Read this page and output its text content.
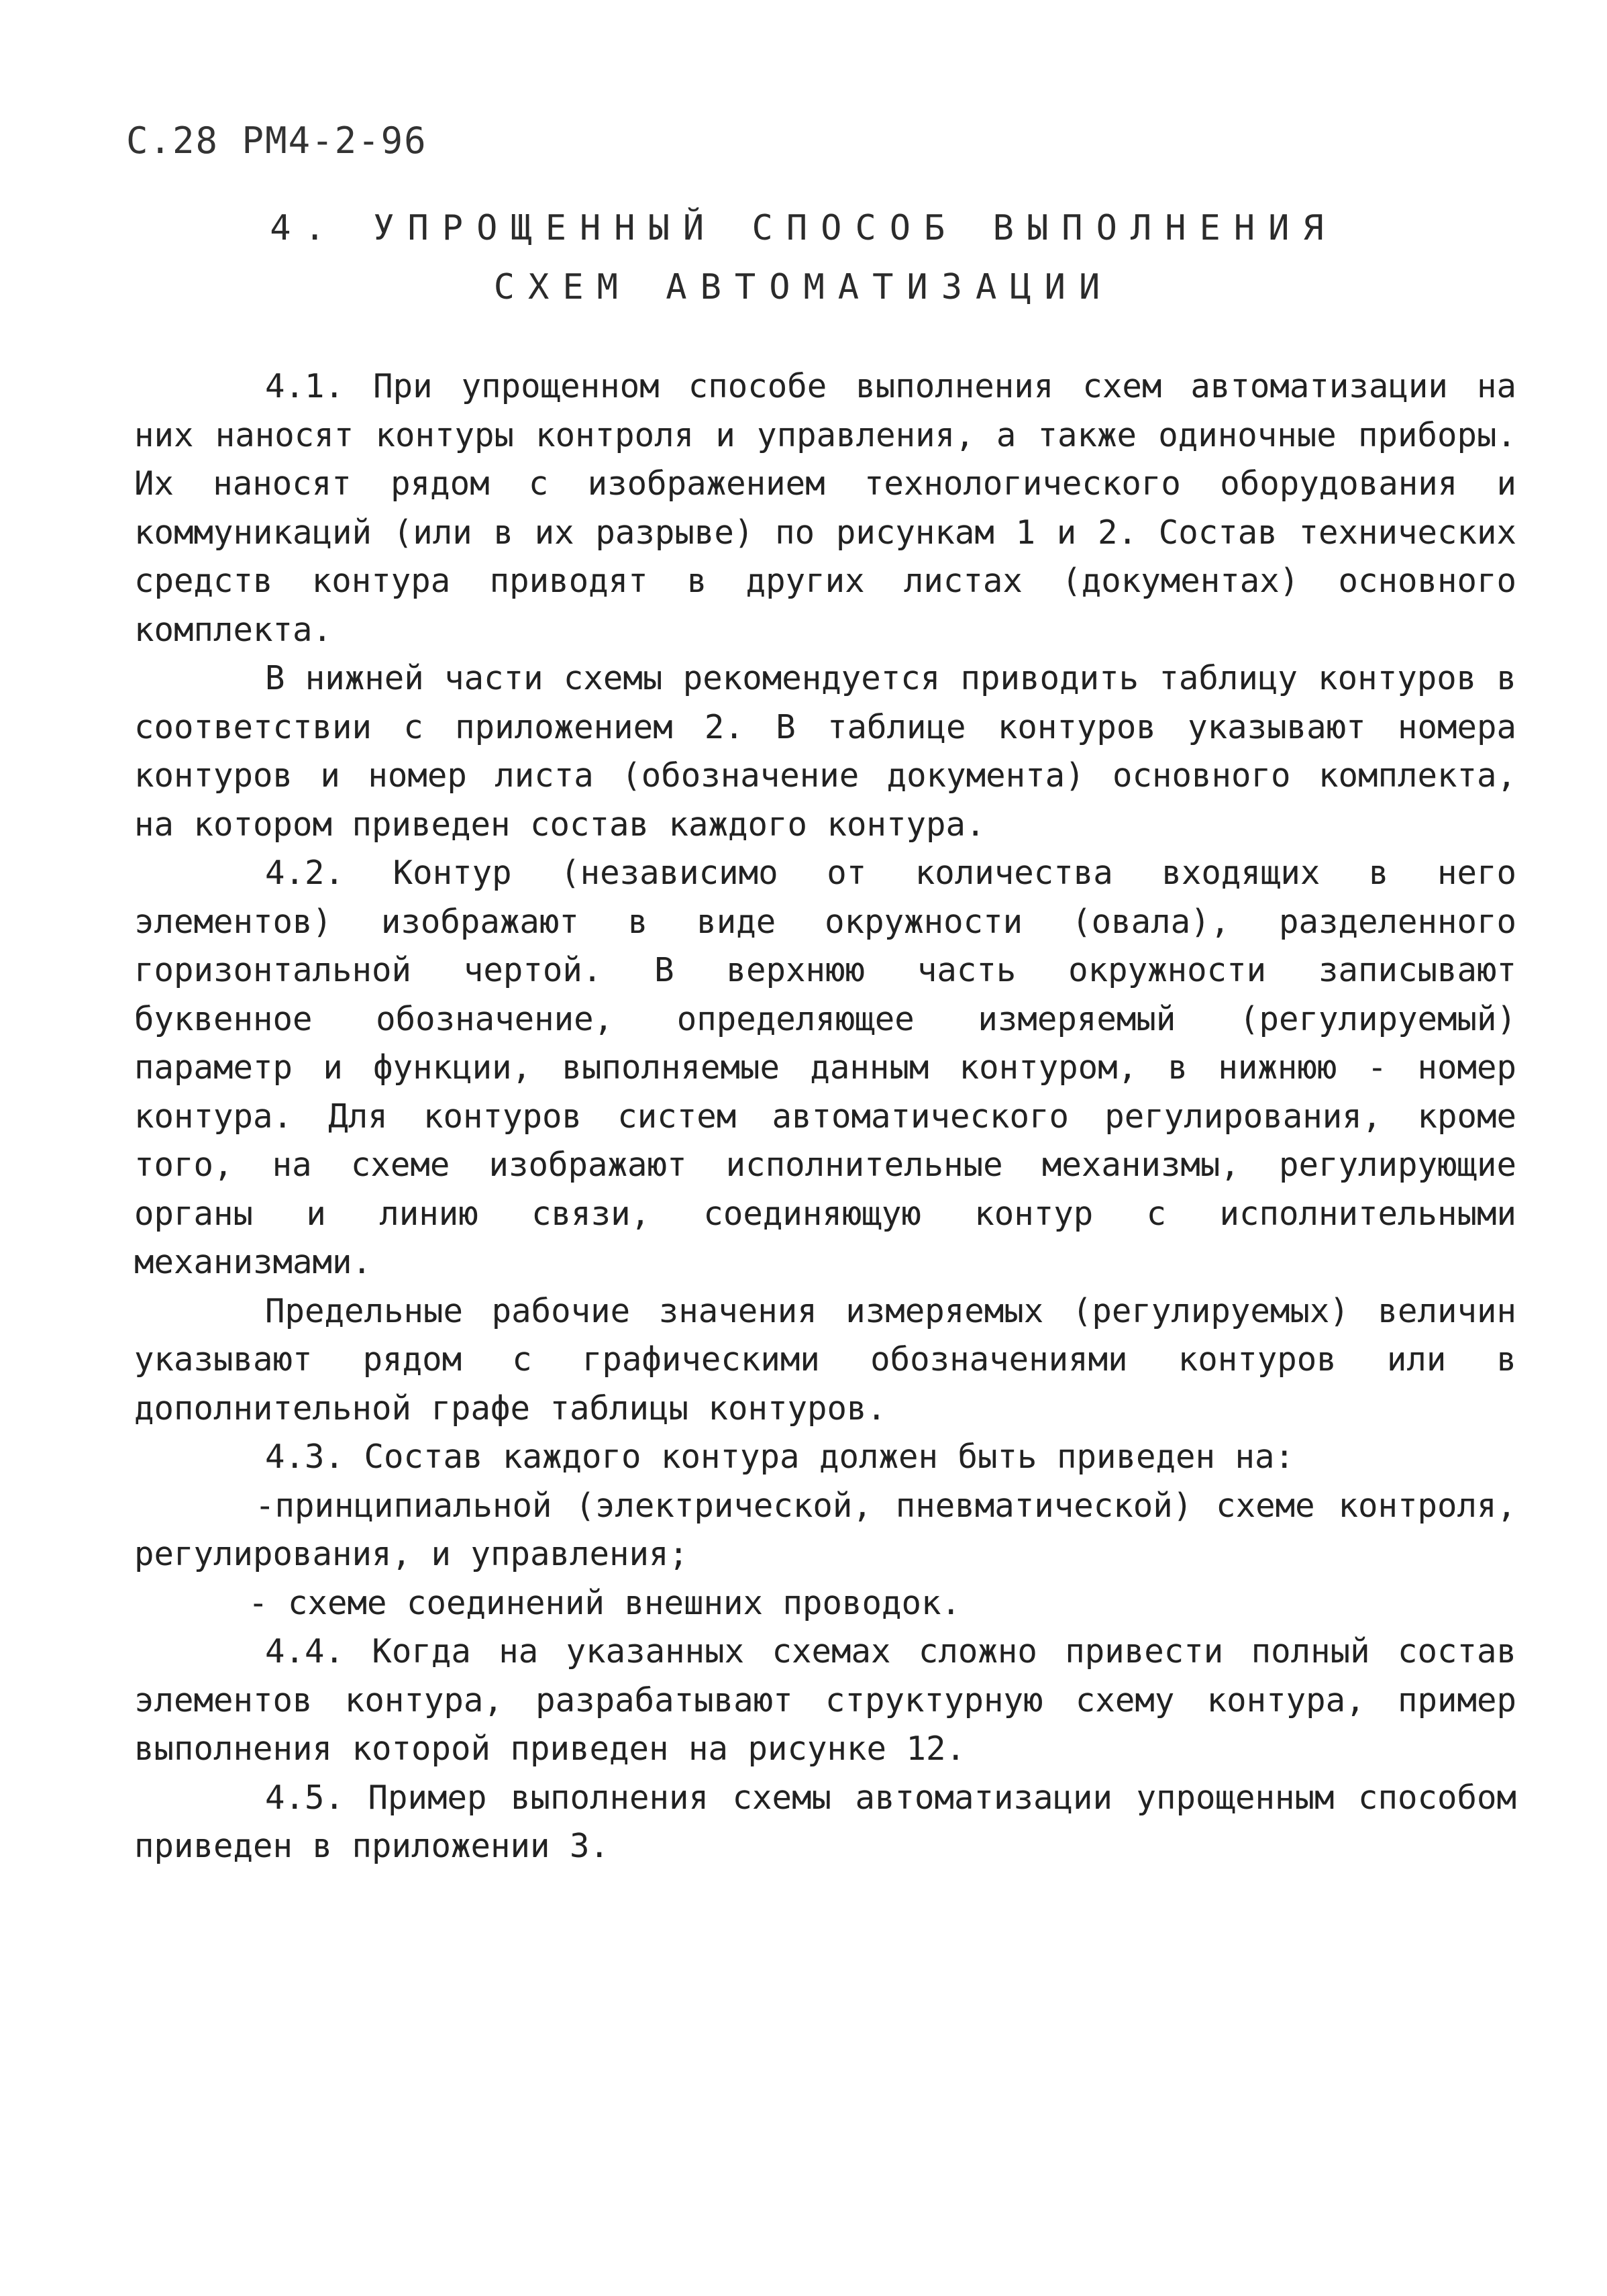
С.28 РМ4-2-96
4. УПРОЩЕННЫЙ СПОСОБ ВЫПОЛНЕНИЯ
СХЕМ АВТОМАТИЗАЦИИ

4.1. При упрощенном способе выполнения схем автоматизации на них наносят контуры контроля и управления, а также одиночные приборы. Их наносят рядом с изображением технологического оборудования и коммуникаций (или в их разрыве) по рисункам 1 и 2. Состав технических средств контура приводят в других листах (документах) основного комплекта.

В нижней части схемы рекомендуется приводить таблицу контуров в соответствии с приложением 2. В таблице контуров указывают номера контуров и номер листа (обозначение документа) основного комплекта, на котором приведен состав каждого контура.

4.2. Контур (независимо от количества входящих в него элементов) изображают в виде окружности (овала), разделенного горизонтальной чертой. В верхнюю часть окружности записывают буквенное обозначение, определяющее измеряемый (регулируемый) параметр и функции, выполняемые данным контуром, в нижнюю - номер контура. Для контуров систем автоматического регулирования, кроме того, на схеме изображают исполнительные механизмы, регулирующие органы и линию связи, соединяющую контур с исполнительными механизмами.

Предельные рабочие значения измеряемых (регулируемых) величин указывают рядом с графическими обозначениями контуров или в дополнительной графе таблицы контуров.

4.3. Состав каждого контура должен быть приведен на:

-принципиальной (электрической, пневматической) схеме контроля, регулирования, и управления;

- схеме соединений внешних проводок.

4.4. Когда на указанных схемах сложно привести полный состав элементов контура, разрабатывают структурную схему контура, пример выполнения которой приведен на рисунке 12.

4.5. Пример выполнения схемы автоматизации упрощенным способом приведен в приложении 3.
